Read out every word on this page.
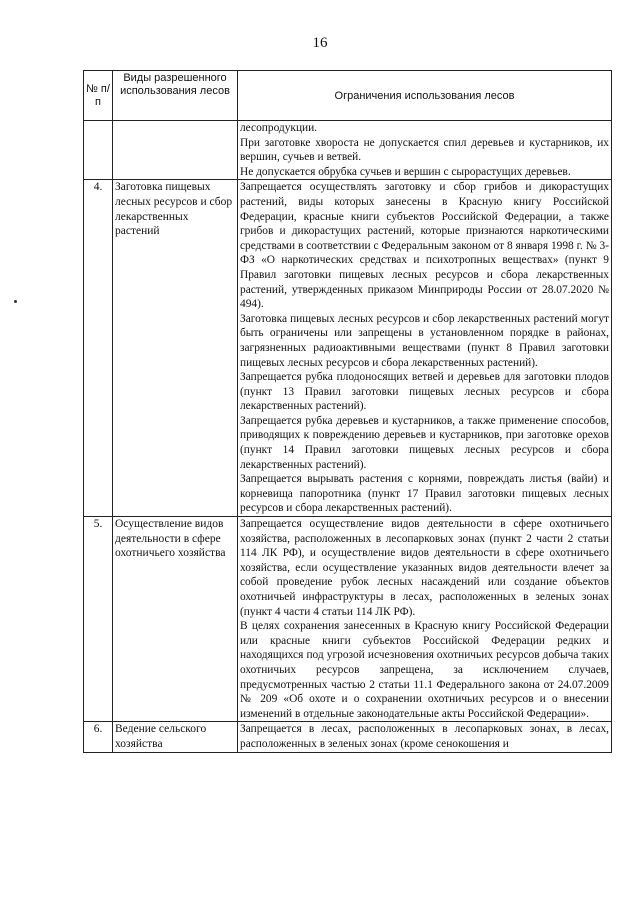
16
№ п/п	Виды разрешенного использования лесов	Ограничения использования лесов

		лесопродукции.

При заготовке хвороста не допускается спил деревьев и кустарников, их вершин, сучьев и ветвей.

Не допускается обрубка сучьев и вершин с сырорастущих деревьев.

4.	Заготовка пищевых лесных ресурсов и сбор лекарственных растений	Запрещается осуществлять заготовку и сбор грибов и дикорастущих растений, виды которых занесены в Красную книгу Российской Федерации, красные книги субъектов Российской Федерации, а также грибов и дикорастущих растений, которые признаются наркотическими средствами в соответствии с Федеральным законом от 8 января 1998 г. № 3-ФЗ «О наркотических средствах и психотропных веществах» (пункт 9 Правил заготовки пищевых лесных ресурсов и сбора лекарственных растений, утвержденных приказом Минприроды России от 28.07.2020 № 494).

Заготовка пищевых лесных ресурсов и сбор лекарственных растений могут быть ограничены или запрещены в установленном порядке в районах, загрязненных радиоактивными веществами (пункт 8 Правил заготовки пищевых лесных ресурсов и сбора лекарственных растений).

Запрещается рубка плодоносящих ветвей и деревьев для заготовки плодов (пункт 13 Правил заготовки пищевых лесных ресурсов и сбора лекарственных растений).

Запрещается рубка деревьев и кустарников, а также применение способов, приводящих к повреждению деревьев и кустарников, при заготовке орехов (пункт 14 Правил заготовки пищевых лесных ресурсов и сбора лекарственных растений).

Запрещается вырывать растения с корнями, повреждать листья (вайи) и корневища папоротника (пункт 17 Правил заготовки пищевых лесных ресурсов и сбора лекарственных растений).

5.	Осуществление видов деятельности в сфере охотничьего хозяйства	Запрещается осуществление видов деятельности в сфере охотничьего хозяйства, расположенных в лесопарковых зонах (пункт 2 части 2 статьи 114 ЛК РФ), и осуществление видов деятельности в сфере охотничьего хозяйства, если осуществление указанных видов деятельности влечет за собой проведение рубок лесных насаждений или создание объектов охотничьей инфраструктуры в лесах, расположенных в зеленых зонах (пункт 4 части 4 статьи 114 ЛК РФ).

В целях сохранения занесенных в Красную книгу Российской Федерации или красные книги субъектов Российской Федерации редких и находящихся под угрозой исчезновения охотничьих ресурсов добыча таких охотничьих ресурсов запрещена, за исключением случаев, предусмотренных частью 2 статьи 11.1 Федерального закона от 24.07.2009 № 209 «Об охоте и о сохранении охотничьих ресурсов и о внесении изменений в отдельные законодательные акты Российской Федерации».

6.	Ведение сельского хозяйства	Запрещается в лесах, расположенных в лесопарковых зонах, в лесах, расположенных в зеленых зонах (кроме сенокошения и
